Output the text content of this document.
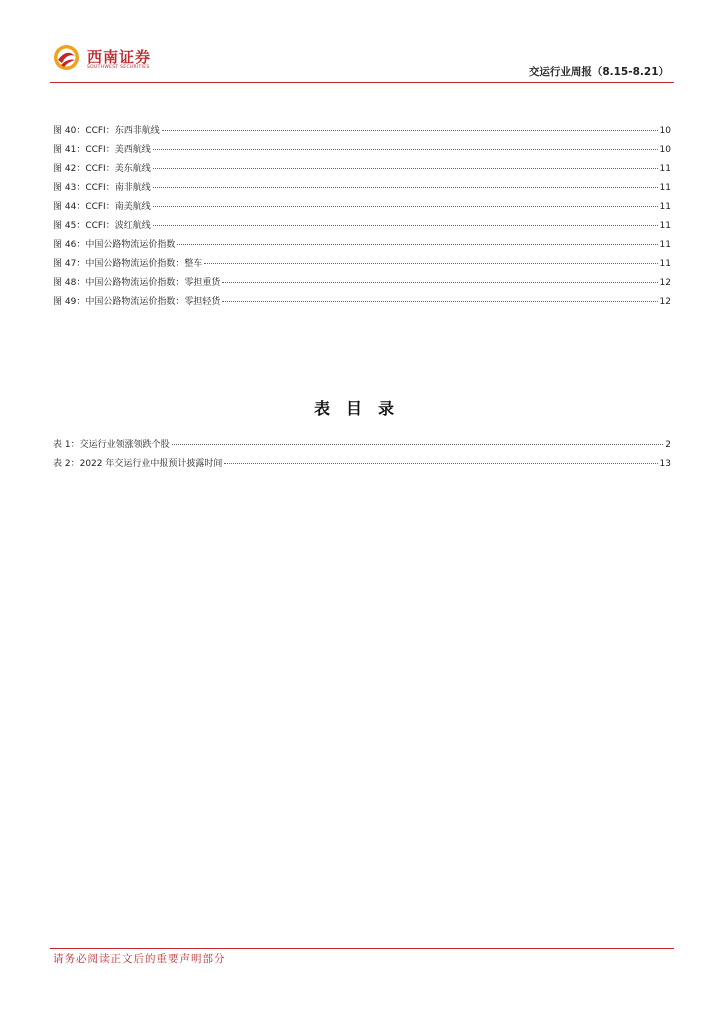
西南证券
SOUTHWEST SECURITIES	交运行业周报（8.15-8.21）
图 40：CCFI：东西非航线	10
图 41：CCFI：美西航线	10
图 42：CCFI：美东航线	11
图 43：CCFI：南非航线	11
图 44：CCFI：南美航线	11
图 45：CCFI：波红航线	11
图 46：中国公路物流运价指数	11
图 47：中国公路物流运价指数：整车	11
图 48：中国公路物流运价指数：零担重货	12
图 49：中国公路物流运价指数：零担轻货	12
表目录
表 1：交运行业领涨领跌个股	2
表 2：2022 年交运行业中报预计披露时间	13
请务必阅读正文后的重要声明部分
